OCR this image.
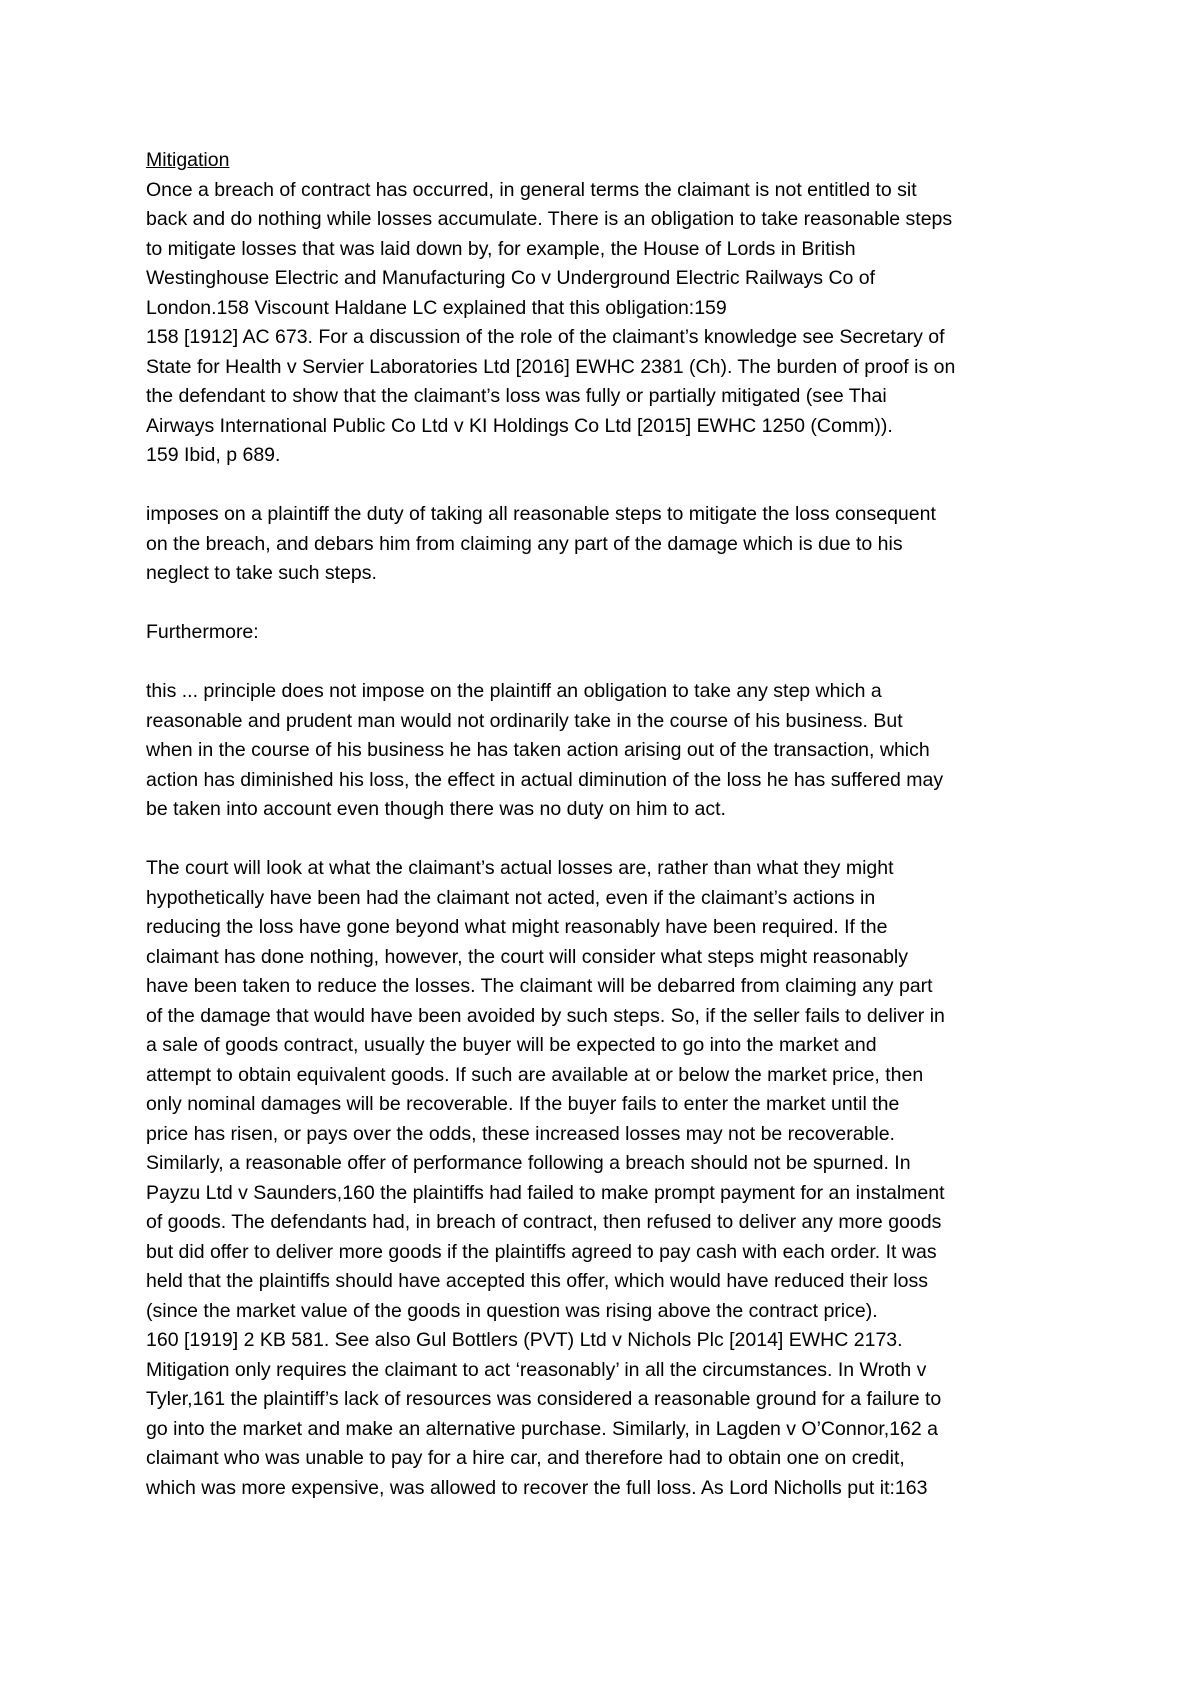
Mitigation

Once a breach of contract has occurred, in general terms the claimant is not entitled to sit

back and do nothing while losses accumulate. There is an obligation to take reasonable steps

to mitigate losses that was laid down by, for example, the House of Lords in British

Westinghouse Electric and Manufacturing Co v Underground Electric Railways Co of

London.158 Viscount Haldane LC explained that this obligation:159

158 [1912] AC 673. For a discussion of the role of the claimant’s knowledge see Secretary of

State for Health v Servier Laboratories Ltd [2016] EWHC 2381 (Ch). The burden of proof is on

the defendant to show that the claimant’s loss was fully or partially mitigated (see Thai

Airways International Public Co Ltd v KI Holdings Co Ltd [2015] EWHC 1250 (Comm)).

159 Ibid, p 689.

imposes on a plaintiff the duty of taking all reasonable steps to mitigate the loss consequent

on the breach, and debars him from claiming any part of the damage which is due to his

neglect to take such steps.

Furthermore:

this ... principle does not impose on the plaintiff an obligation to take any step which a

reasonable and prudent man would not ordinarily take in the course of his business. But

when in the course of his business he has taken action arising out of the transaction, which

action has diminished his loss, the effect in actual diminution of the loss he has suffered may

be taken into account even though there was no duty on him to act.

The court will look at what the claimant’s actual losses are, rather than what they might

hypothetically have been had the claimant not acted, even if the claimant’s actions in

reducing the loss have gone beyond what might reasonably have been required. If the

claimant has done nothing, however, the court will consider what steps might reasonably

have been taken to reduce the losses. The claimant will be debarred from claiming any part

of the damage that would have been avoided by such steps. So, if the seller fails to deliver in

a sale of goods contract, usually the buyer will be expected to go into the market and

attempt to obtain equivalent goods. If such are available at or below the market price, then

only nominal damages will be recoverable. If the buyer fails to enter the market until the

price has risen, or pays over the odds, these increased losses may not be recoverable.

Similarly, a reasonable offer of performance following a breach should not be spurned. In

Payzu Ltd v Saunders,160 the plaintiffs had failed to make prompt payment for an instalment

of goods. The defendants had, in breach of contract, then refused to deliver any more goods

but did offer to deliver more goods if the plaintiffs agreed to pay cash with each order. It was

held that the plaintiffs should have accepted this offer, which would have reduced their loss

(since the market value of the goods in question was rising above the contract price).

160 [1919] 2 KB 581. See also Gul Bottlers (PVT) Ltd v Nichols Plc [2014] EWHC 2173.

Mitigation only requires the claimant to act ‘reasonably’ in all the circumstances. In Wroth v

Tyler,161 the plaintiff’s lack of resources was considered a reasonable ground for a failure to

go into the market and make an alternative purchase. Similarly, in Lagden v O’Connor,162 a

claimant who was unable to pay for a hire car, and therefore had to obtain one on credit,

which was more expensive, was allowed to recover the full loss. As Lord Nicholls put it:163
